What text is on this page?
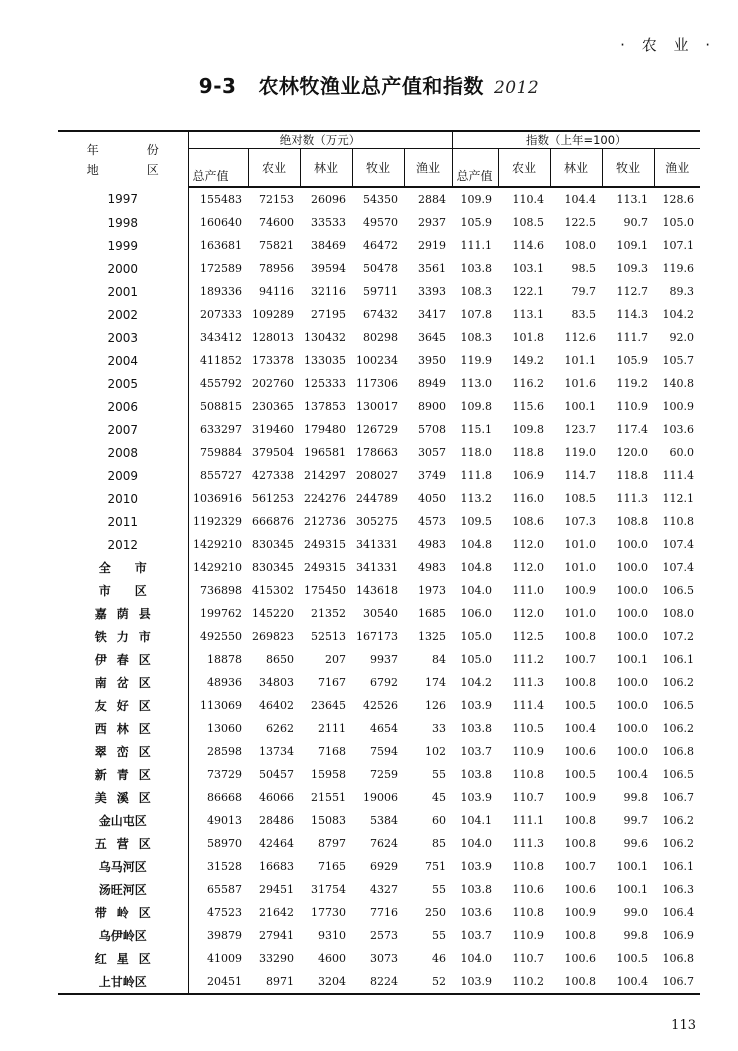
· 农 业 ·
9-3 农林牧渔业总产值和指数 2012
年 份
地 区	绝对数（万元）					指数（上年=100）				
	总产值	农业	林业	牧业	渔业	总产值	农业	林业	牧业	渔业
1997	155483	72153	26096	54350	2884	109.9	110.4	104.4	113.1	128.6
1998	160640	74600	33533	49570	2937	105.9	108.5	122.5	90.7	105.0
1999	163681	75821	38469	46472	2919	111.1	114.6	108.0	109.1	107.1
2000	172589	78956	39594	50478	3561	103.8	103.1	98.5	109.3	119.6
2001	189336	94116	32116	59711	3393	108.3	122.1	79.7	112.7	89.3
2002	207333	109289	27195	67432	3417	107.8	113.1	83.5	114.3	104.2
2003	343412	128013	130432	80298	3645	108.3	101.8	112.6	111.7	92.0
2004	411852	173378	133035	100234	3950	119.9	149.2	101.1	105.9	105.7
2005	455792	202760	125333	117306	8949	113.0	116.2	101.6	119.2	140.8
2006	508815	230365	137853	130017	8900	109.8	115.6	100.1	110.9	100.9
2007	633297	319460	179480	126729	5708	115.1	109.8	123.7	117.4	103.6
2008	759884	379504	196581	178663	3057	118.0	118.8	119.0	120.0	60.0
2009	855727	427338	214297	208027	3749	111.8	106.9	114.7	118.8	111.4
2010	1036916	561253	224276	244789	4050	113.2	116.0	108.5	111.3	112.1
2011	1192329	666876	212736	305275	4573	109.5	108.6	107.3	108.8	110.8
2012	1429210	830345	249315	341331	4983	104.8	112.0	101.0	100.0	107.4

全 市	1429210	830345	249315	341331	4983	104.8	112.0	101.0	100.0	107.4

市 区	736898	415302	175450	143618	1973	104.0	111.0	100.9	100.0	106.5

嘉 荫 县	199762	145220	21352	30540	1685	106.0	112.0	101.0	100.0	108.0

铁 力 市	492550	269823	52513	167173	1325	105.0	112.5	100.8	100.0	107.2

伊 春 区	18878	8650	207	9937	84	105.0	111.2	100.7	100.1	106.1

南 岔 区	48936	34803	7167	6792	174	104.2	111.3	100.8	100.0	106.2

友 好 区	113069	46402	23645	42526	126	103.9	111.4	100.5	100.0	106.5

西 林 区	13060	6262	2111	4654	33	103.8	110.5	100.4	100.0	106.2

翠 峦 区	28598	13734	7168	7594	102	103.7	110.9	100.6	100.0	106.8

新 青 区	73729	50457	15958	7259	55	103.8	110.8	100.5	100.4	106.5

美 溪 区	86668	46066	21551	19006	45	103.9	110.7	100.9	99.8	106.7

金山屯区	49013	28486	15083	5384	60	104.1	111.1	100.8	99.7	106.2

五 营 区	58970	42464	8797	7624	85	104.0	111.3	100.8	99.6	106.2

乌马河区	31528	16683	7165	6929	751	103.9	110.8	100.7	100.1	106.1

汤旺河区	65587	29451	31754	4327	55	103.8	110.6	100.6	100.1	106.3

带 岭 区	47523	21642	17730	7716	250	103.6	110.8	100.9	99.0	106.4

乌伊岭区	39879	27941	9310	2573	55	103.7	110.9	100.8	99.8	106.9

红 星 区	41009	33290	4600	3073	46	104.0	110.7	100.6	100.5	106.8

上甘岭区	20451	8971	3204	8224	52	103.9	110.2	100.8	100.4	106.7
113
